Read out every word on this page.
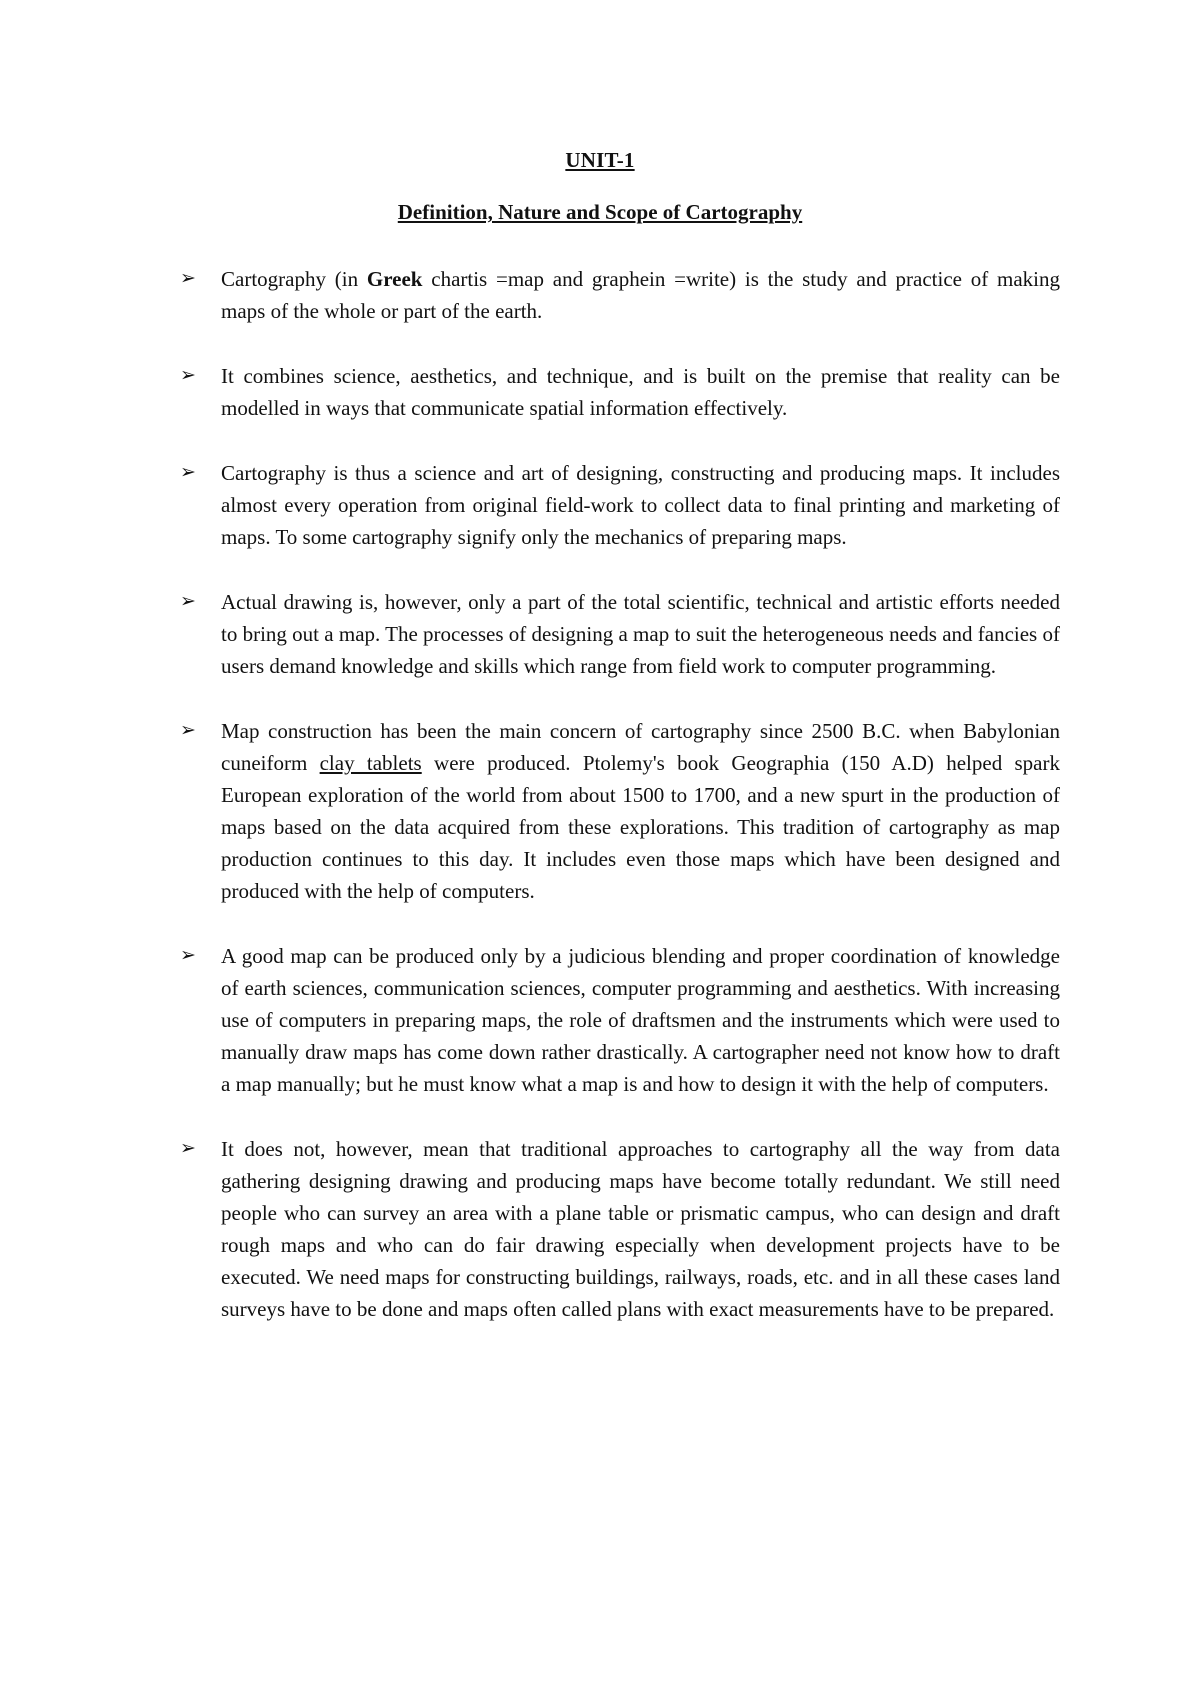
UNIT-1
Definition, Nature and Scope of Cartography

➢ Cartography (in Greek chartis =map and graphein =write) is the study and practice of making maps of the whole or part of the earth.

➢ It combines science, aesthetics, and technique, and is built on the premise that reality can be modelled in ways that communicate spatial information effectively.

➢ Cartography is thus a science and art of designing, constructing and producing maps. It includes almost every operation from original field-work to collect data to final printing and marketing of maps. To some cartography signify only the mechanics of preparing maps.

➢ Actual drawing is, however, only a part of the total scientific, technical and artistic efforts needed to bring out a map. The processes of designing a map to suit the heterogeneous needs and fancies of users demand knowledge and skills which range from field work to computer programming.

➢ Map construction has been the main concern of cartography since 2500 B.C. when Babylonian cuneiform clay tablets were produced. Ptolemy's book Geographia (150 A.D) helped spark European exploration of the world from about 1500 to 1700, and a new spurt in the production of maps based on the data acquired from these explorations. This tradition of cartography as map production continues to this day. It includes even those maps which have been designed and produced with the help of computers.

➢ A good map can be produced only by a judicious blending and proper coordination of knowledge of earth sciences, communication sciences, computer programming and aesthetics. With increasing use of computers in preparing maps, the role of draftsmen and the instruments which were used to manually draw maps has come down rather drastically. A cartographer need not know how to draft a map manually; but he must know what a map is and how to design it with the help of computers.

➢ It does not, however, mean that traditional approaches to cartography all the way from data gathering designing drawing and producing maps have become totally redundant. We still need people who can survey an area with a plane table or prismatic campus, who can design and draft rough maps and who can do fair drawing especially when development projects have to be executed. We need maps for constructing buildings, railways, roads, etc. and in all these cases land surveys have to be done and maps often called plans with exact measurements have to be prepared.
